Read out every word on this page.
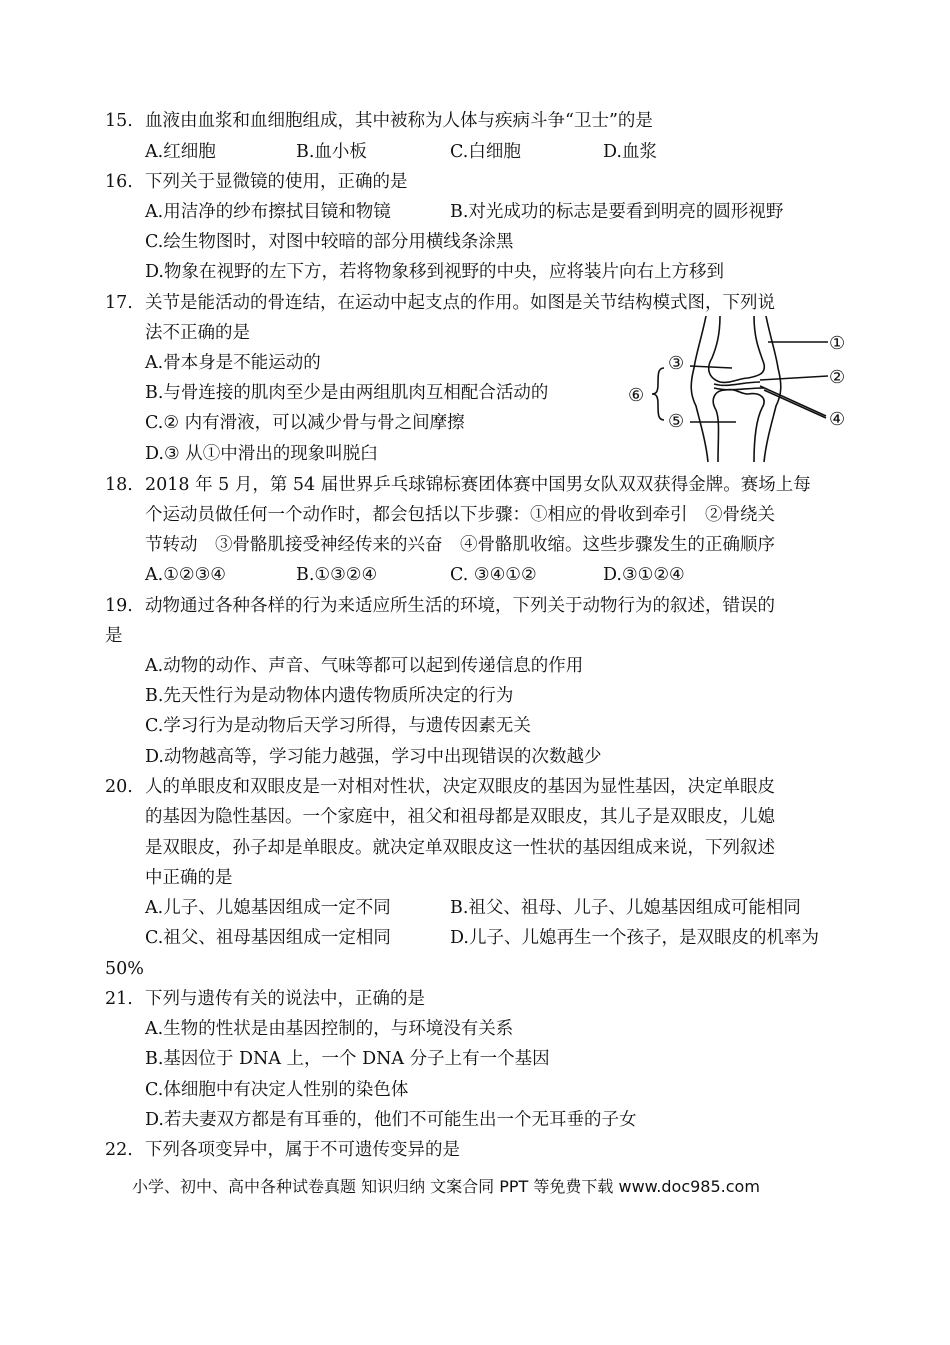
15. 血液由血浆和血细胞组成，其中被称为人体与疾病斗争“卫士”的是
A.红细胞	B.血小板	C.白细胞	D.血浆
16. 下列关于显微镜的使用，正确的是
A.用洁净的纱布擦拭目镜和物镜	B.对光成功的标志是要看到明亮的圆形视野
C.绘生物图时，对图中较暗的部分用横线条涂黑
D.物象在视野的左下方，若将物象移到视野的中央，应将装片向右上方移到
17. 关节是能活动的骨连结，在运动中起支点的作用。如图是关节结构模式图，下列说
法不正确的是
A.骨本身是不能运动的
B.与骨连接的肌肉至少是由两组肌肉互相配合活动的
C.② 内有滑液，可以减少骨与骨之间摩擦
D.③ 从①中滑出的现象叫脱臼
①
②
③
④
⑤
⑥
18. 2018 年 5 月，第 54 届世界乒乓球锦标赛团体赛中国男女队双双获得金牌。赛场上每
个运动员做任何一个动作时，都会包括以下步骤：①相应的骨收到牵引　②骨绕关
节转动　③骨骼肌接受神经传来的兴奋　④骨骼肌收缩。这些步骤发生的正确顺序
A.①②③④	B.①③②④	C. ③④①②	D.③①②④
19. 动物通过各种各样的行为来适应所生活的环境，下列关于动物行为的叙述，错误的
是
A.动物的动作、声音、气味等都可以起到传递信息的作用
B.先天性行为是动物体内遗传物质所决定的行为
C.学习行为是动物后天学习所得，与遗传因素无关
D.动物越高等，学习能力越强，学习中出现错误的次数越少
20. 人的单眼皮和双眼皮是一对相对性状，决定双眼皮的基因为显性基因，决定单眼皮
的基因为隐性基因。一个家庭中，祖父和祖母都是双眼皮，其儿子是双眼皮，儿媳
是双眼皮，孙子却是单眼皮。就决定单双眼皮这一性状的基因组成来说，下列叙述
中正确的是
A.儿子、儿媳基因组成一定不同	B.祖父、祖母、儿子、儿媳基因组成可能相同
C.祖父、祖母基因组成一定相同	D.儿子、儿媳再生一个孩子，是双眼皮的机率为
50%
21. 下列与遗传有关的说法中，正确的是
A.生物的性状是由基因控制的，与环境没有关系
B.基因位于 DNA 上，一个 DNA 分子上有一个基因
C.体细胞中有决定人性别的染色体
D.若夫妻双方都是有耳垂的，他们不可能生出一个无耳垂的子女
22. 下列各项变异中，属于不可遗传变异的是
小学、初中、高中各种试卷真题 知识归纳 文案合同 PPT 等免费下载 www.doc985.com
